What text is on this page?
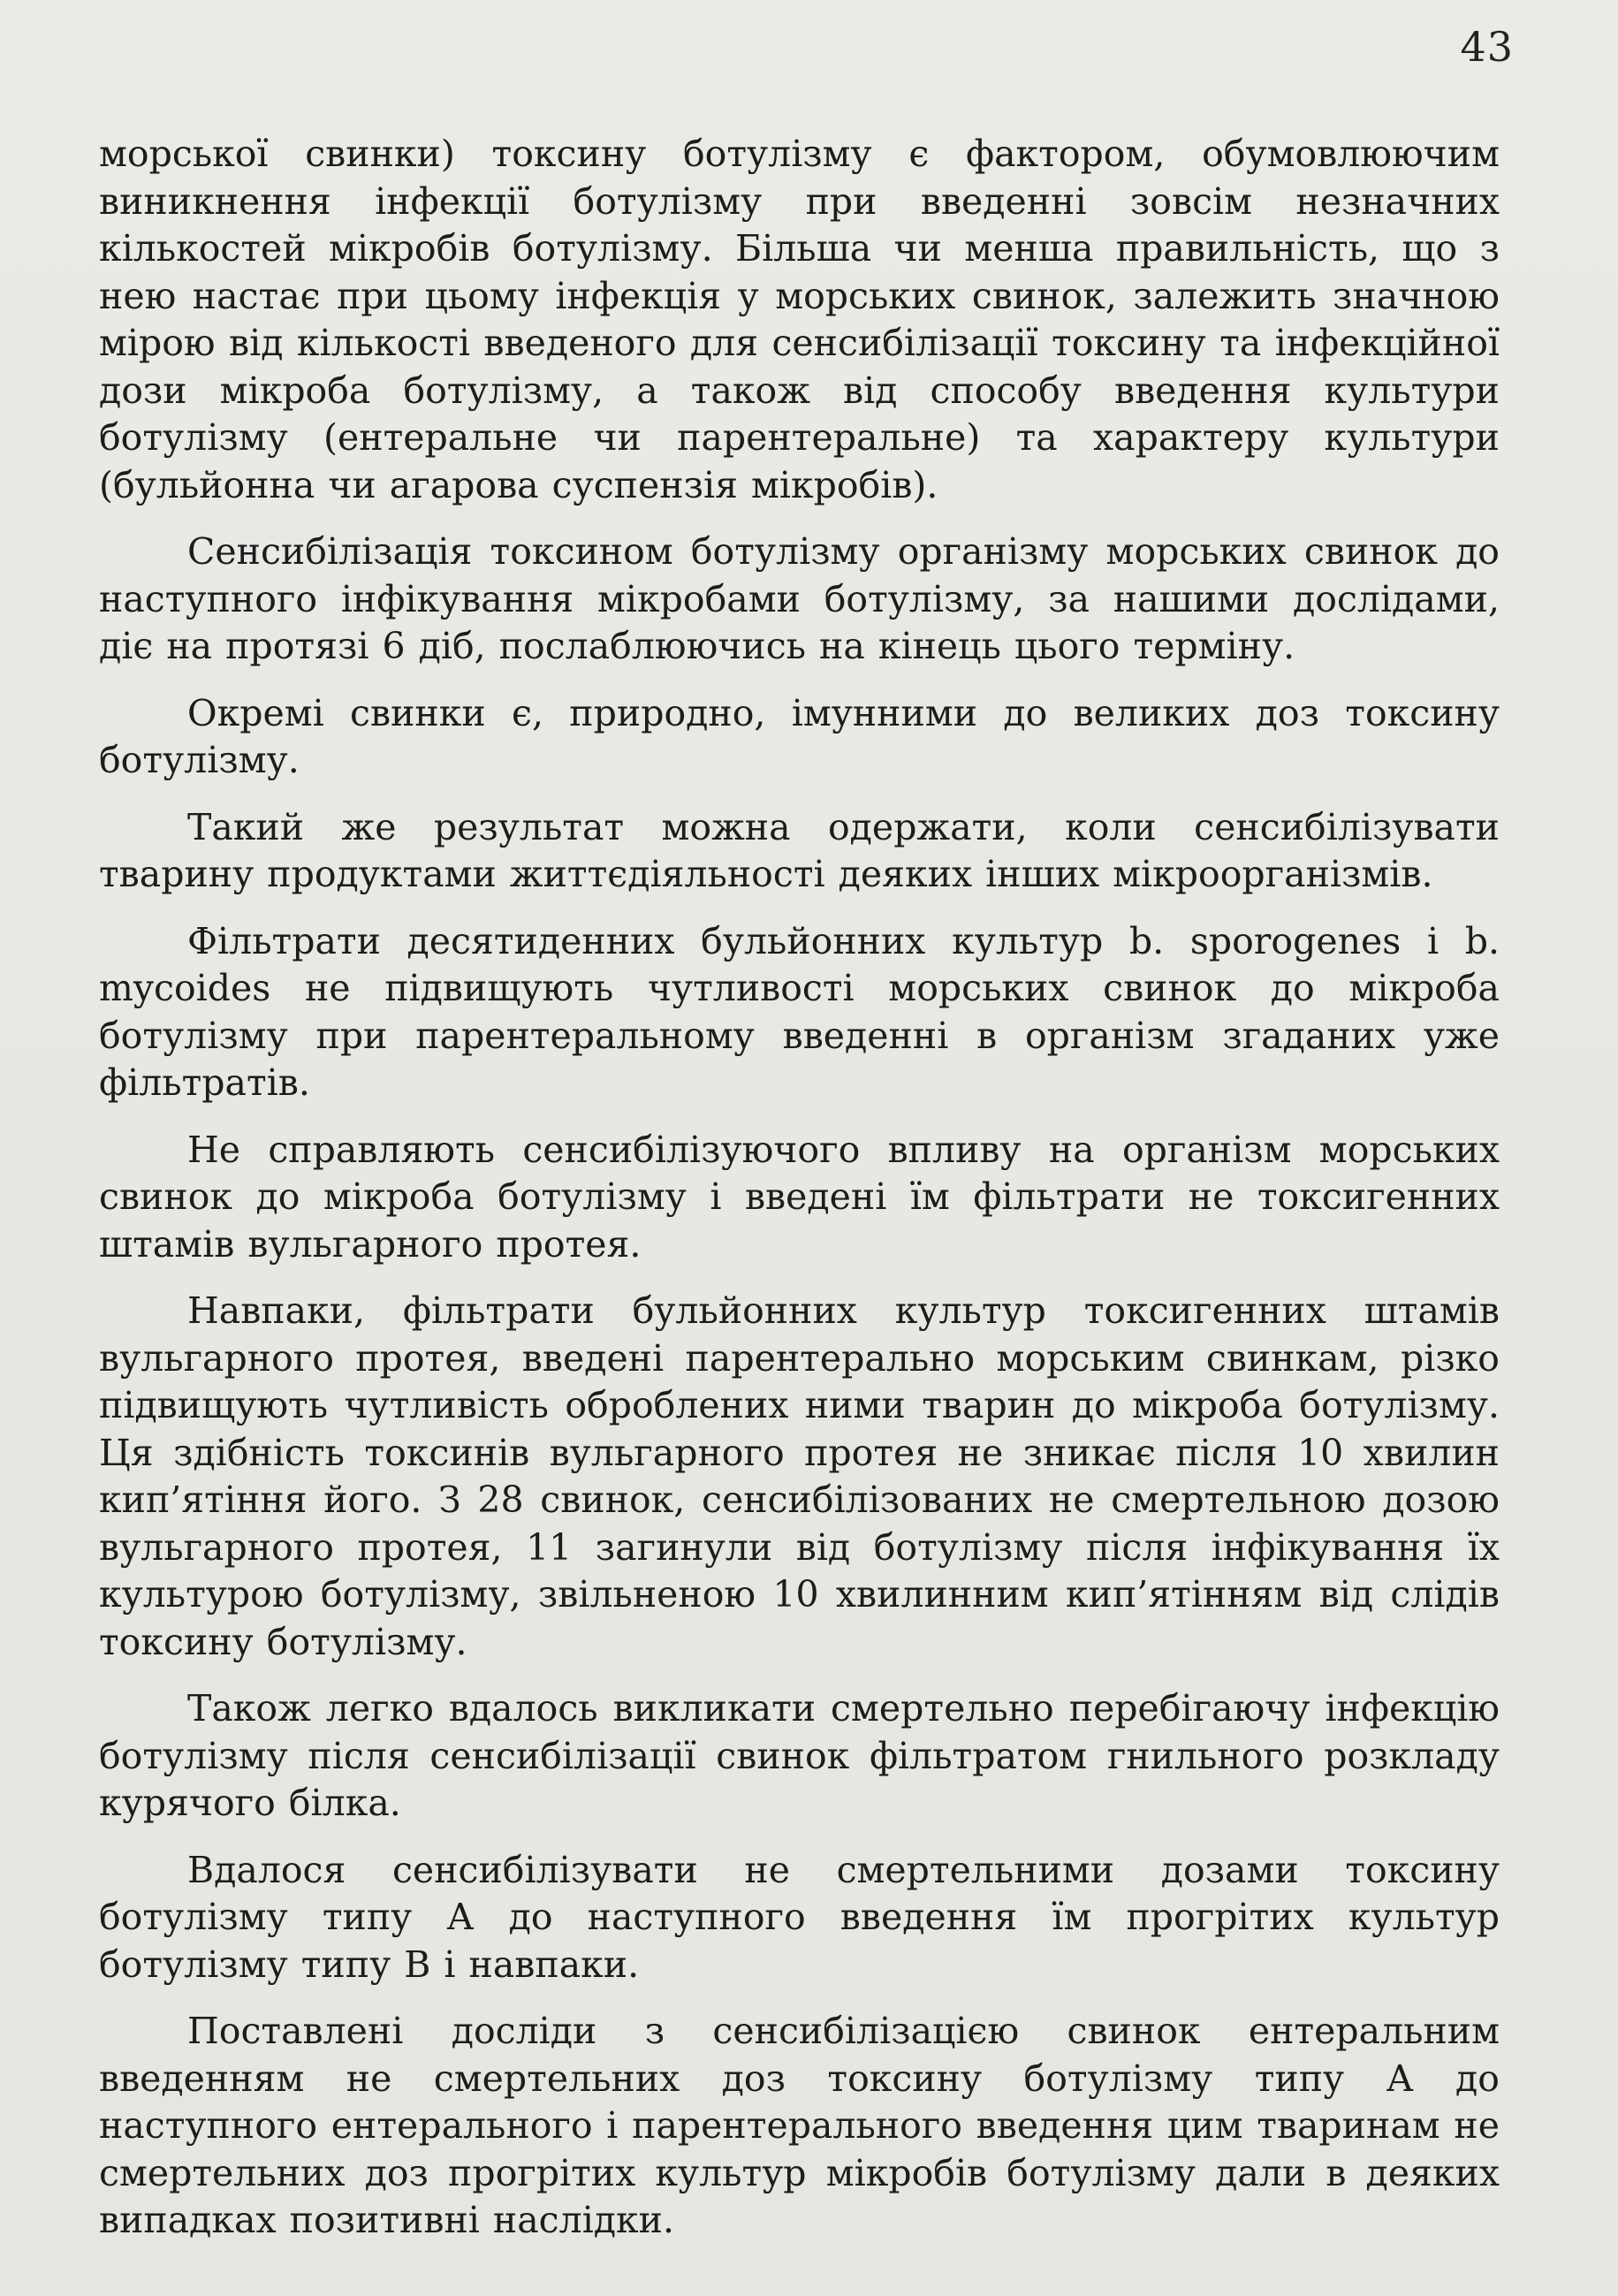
43

морської свинки) токсину ботулізму є фактором, обумовлюючим виникнення інфекції ботулізму при введенні зовсім незначних кількостей мікробів ботулізму. Більша чи менша правильність, що з нею настає при цьому інфекція у морських свинок, залежить значною мірою від кількості введеного для сенсибілізації токсину та інфекційної дози мікроба ботулізму, а також від способу введення культури ботулізму (ентеральне чи парентеральне) та характеру культури (бульйонна чи агарова суспензія мікробів).

Сенсибілізація токсином ботулізму організму морських свинок до наступного інфікування мікробами ботулізму, за нашими дослідами, діє на протязі 6 діб, послаблюючись на кінець цього терміну.

Окремі свинки є, природно, імунними до великих доз токсину ботулізму.

Такий же результат можна одержати, коли сенсибілізувати тварину продуктами життєдіяльності деяких інших мікроорганізмів.

Фільтрати десятиденних бульйонних культур b. sporogenes і b. mycoides не підвищують чутливості морських свинок до мікроба ботулізму при парентеральному введенні в організм згаданих уже фільтратів.

Не справляють сенсибілізуючого впливу на організм морських свинок до мікроба ботулізму і введені їм фільтрати не токсигенних штамів вульгарного протея.

Навпаки, фільтрати бульйонних культур токсигенних штамів вульгарного протея, введені парентерально морським свинкам, різко підвищують чутливість оброблених ними тварин до мікроба ботулізму. Ця здібність токсинів вульгарного протея не зникає після 10 хвилин кип’ятіння його. З 28 свинок, сенсибілізованих не смертельною дозою вульгарного протея, 11 загинули від ботулізму після інфікування їх культурою ботулізму, звільненою 10 хвилинним кип’ятінням від слідів токсину ботулізму.

Також легко вдалось викликати смертельно перебігаючу інфекцію ботулізму після сенсибілізації свинок фільтратом гнильного розкладу курячого білка.

Вдалося сенсибілізувати не смертельними дозами токсину ботулізму типу А до наступного введення їм прогрітих культур ботулізму типу В і навпаки.

Поставлені досліди з сенсибілізацією свинок ентеральним введенням не смертельних доз токсину ботулізму типу А до наступного ентерального і парентерального введення цим тваринам не смертельних доз прогрітих культур мікробів ботулізму дали в деяких випадках позитивні наслідки.
